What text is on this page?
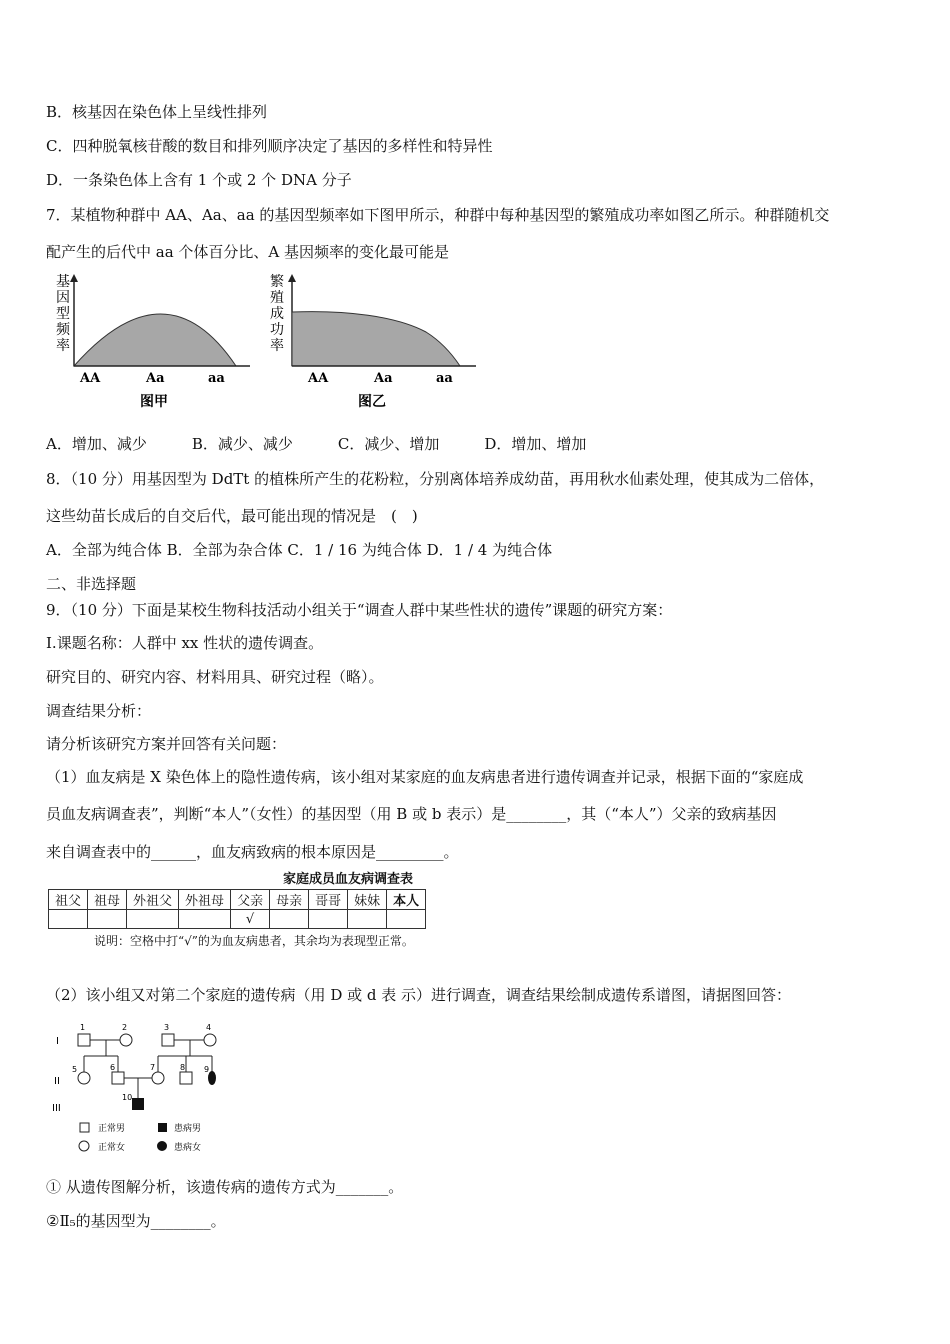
B．核基因在染色体上呈线性排列
C．四种脱氧核苷酸的数目和排列顺序决定了基因的多样性和特异性
D．一条染色体上含有 1 个或 2 个 DNA 分子
7．某植物种群中 AA、Aa、aa 的基因型频率如下图甲所示，种群中每种基因型的繁殖成功率如图乙所示。种群随机交
配产生的后代中 aa 个体百分比、A 基因频率的变化最可能是
基
因
型
频
率
AA	Aa	aa
图甲
繁
殖
成
功
率
AA	Aa	aa
图乙
A．增加、减少　　　B．减少、减少　　　C．减少、增加　　　D．增加、增加
8．（10 分）用基因型为 DdTt 的植株所产生的花粉粒，分别离体培养成幼苗，再用秋水仙素处理，使其成为二倍体，
这些幼苗长成后的自交后代，最可能出现的情况是　(　)
A．全部为纯合体 B．全部为杂合体 C．1 / 16 为纯合体 D．1 / 4 为纯合体
二、非选择题
9．（10 分）下面是某校生物科技活动小组关于“调查人群中某些性状的遗传”课题的研究方案：
I.课题名称：人群中 xx 性状的遗传调查。
研究目的、研究内容、材料用具、研究过程（略）。
调查结果分析：
请分析该研究方案并回答有关问题：
（1）血友病是 X 染色体上的隐性遗传病，该小组对某家庭的血友病患者进行遗传调查并记录，根据下面的“家庭成
员血友病调查表”，判断“本人”（女性）的基因型（用 B 或 b 表示）是________，其（“本人”）父亲的致病基因
来自调查表中的______，血友病致病的根本原因是_________。
家庭成员血友病调查表
祖父	祖母	外祖父	外祖母	父亲	母亲	哥哥	妹妹	本人
				√				
说明：空格中打“√”的为血友病患者，其余均为表现型正常。
（2）该小组又对第二个家庭的遗传病（用 D 或 d 表 示）进行调查，调查结果绘制成遗传系谱图，请据图回答：
I
II
III
1	2	3	4
5	6	7	8 9
10
正常男	患病男
正常女	患病女
① 从遗传图解分析，该遗传病的遗传方式为_______。
②Ⅱ₅的基因型为________。
